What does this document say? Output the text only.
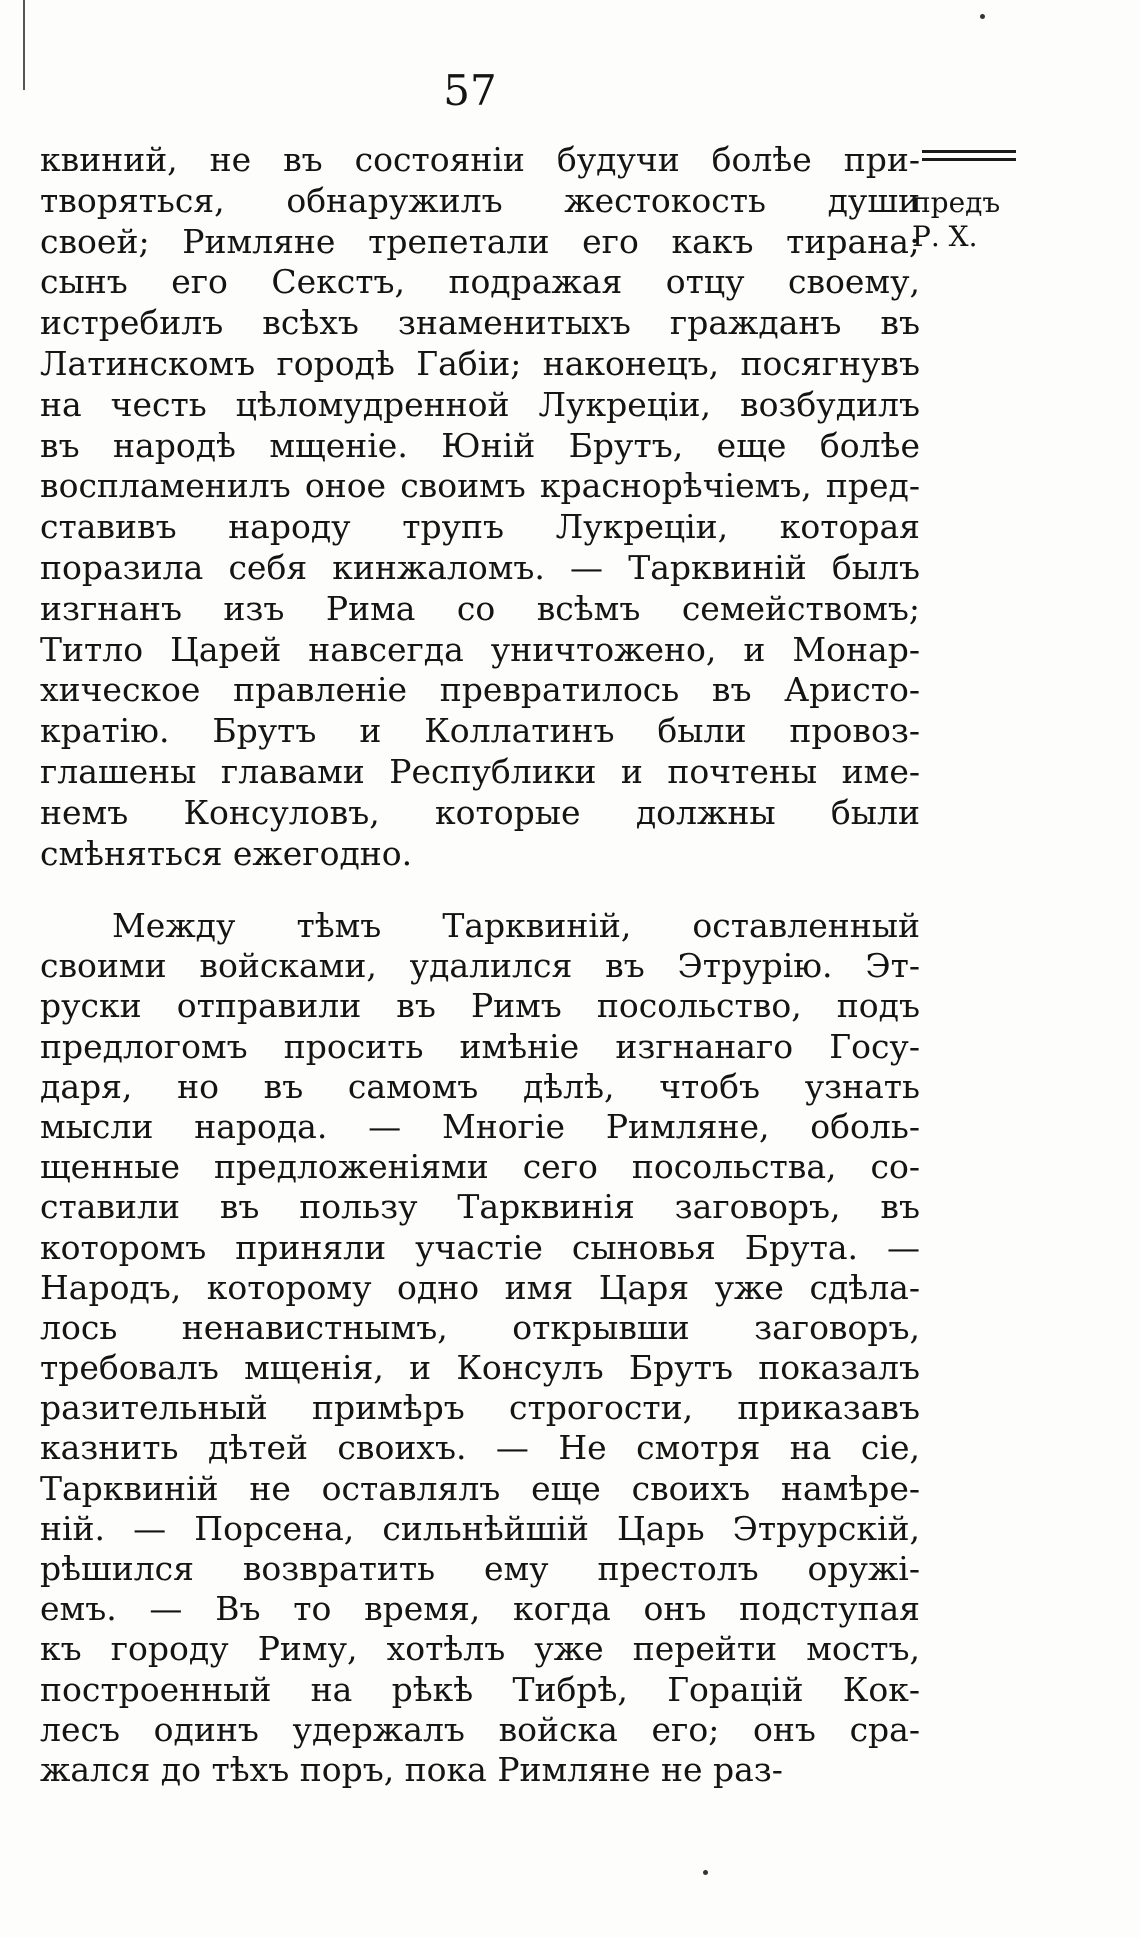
57
предъ
Р. Х.
квиний, не въ состояніи будучи болѣе при-
творяться, обнаружилъ жестокость души
своей; Римляне трепетали его какъ тирана;
сынъ его Секстъ, подражая отцу своему,
истребилъ всѣхъ знаменитыхъ гражданъ въ
Латинскомъ городѣ Габіи; наконецъ, посягнувъ
на честь цѣломудренной Лукреціи, возбудилъ
въ народѣ мщеніе. Юній Брутъ, еще болѣе
воспламенилъ оное своимъ краснорѣчіемъ, пред-
ставивъ народу трупъ Лукреціи, которая
поразила себя кинжаломъ. — Тарквиній былъ
изгнанъ изъ Рима со всѣмъ семействомъ;
Титло Царей навсегда уничтожено, и Монар-
хическое правленіе превратилось въ Аристо-
кратію. Брутъ и Коллатинъ были провоз-
глашены главами Республики и почтены име-
немъ Консуловъ, которые должны были
смѣняться ежегодно.
Между тѣмъ Тарквиній, оставленный
своими войсками, удалился въ Этрурію. Эт-
руски отправили въ Римъ посольство, подъ
предлогомъ просить имѣніе изгнанаго Госу-
даря, но въ самомъ дѣлѣ, чтобъ узнать
мысли народа. — Многіе Римляне, оболь-
щенные предложеніями сего посольства, со-
ставили въ пользу Тарквинія заговоръ, въ
которомъ приняли участіе сыновья Брута. —
Народъ, которому одно имя Царя уже сдѣла-
лось ненавистнымъ, открывши заговоръ,
требовалъ мщенія, и Консулъ Брутъ показалъ
разительный примѣръ строгости, приказавъ
казнить дѣтей своихъ. — Не смотря на сіе,
Тарквиній не оставлялъ еще своихъ намѣре-
ній. — Порсена, сильнѣйшій Царь Этрурскій,
рѣшился возвратить ему престолъ оружі-
емъ. — Въ то время, когда онъ подступая
къ городу Риму, хотѣлъ уже перейти мостъ,
построенный на рѣкѣ Тибрѣ, Горацій Кок-
лесъ одинъ удержалъ войска его; онъ сра-
жался до тѣхъ поръ, пока Римляне не раз-
